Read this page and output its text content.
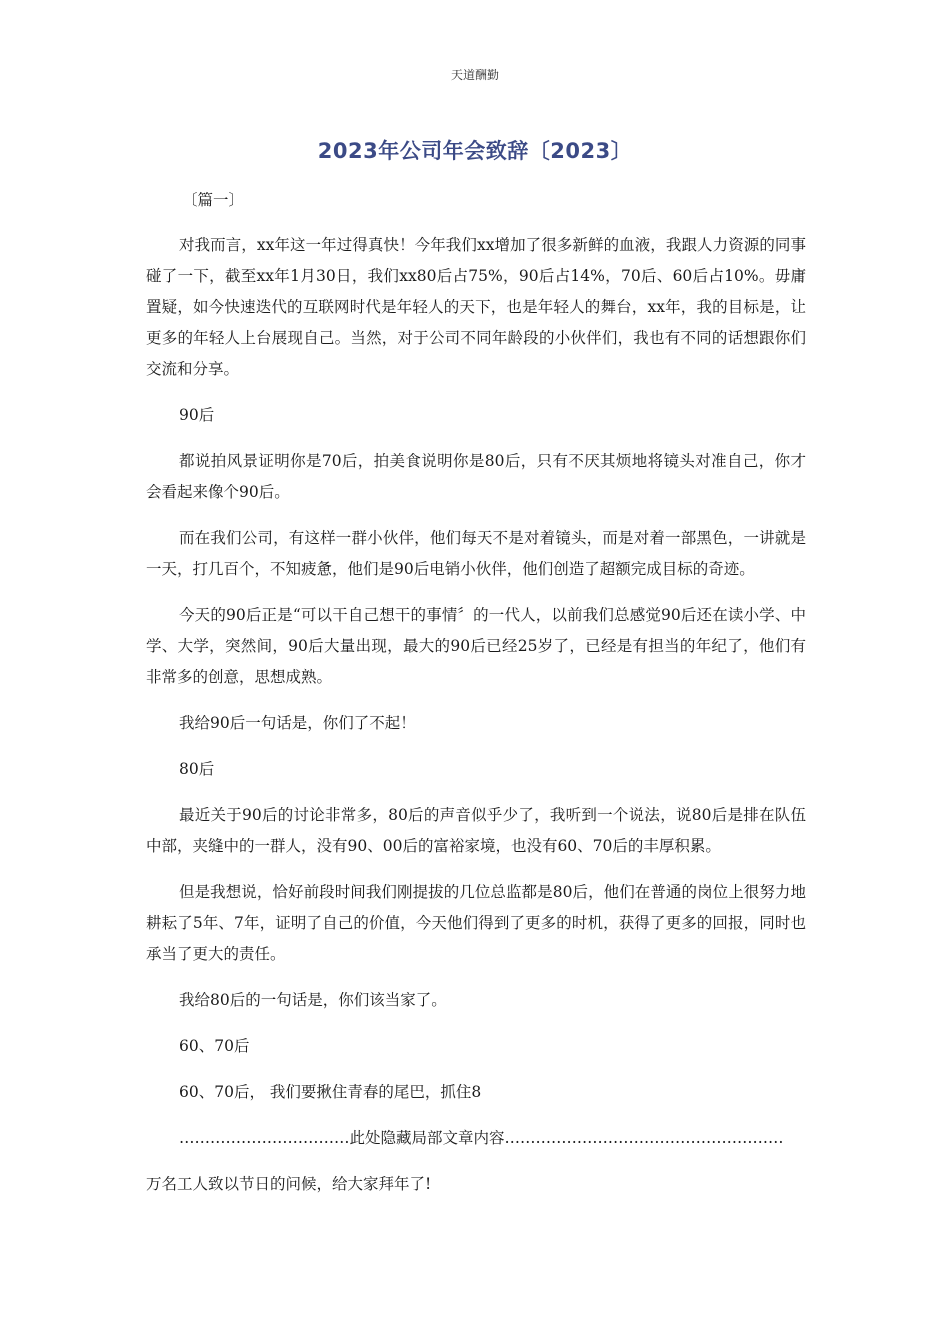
天道酬勤
2023年公司年会致辞〔2023〕

〔篇一〕

对我而言，xx年这一年过得真快！今年我们xx增加了很多新鲜的血液，我跟人力资源的同事碰了一下，截至xx年1月30日，我们xx80后占75%，90后占14%，70后、60后占10%。毋庸置疑，如今快速迭代的互联网时代是年轻人的天下，也是年轻人的舞台，xx年，我的目标是，让更多的年轻人上台展现自己。当然，对于公司不同年龄段的小伙伴们，我也有不同的话想跟你们交流和分享。

90后

都说拍风景证明你是70后，拍美食说明你是80后，只有不厌其烦地将镜头对准自己，你才会看起来像个90后。

而在我们公司，有这样一群小伙伴，他们每天不是对着镜头，而是对着一部黑色，一讲就是一天，打几百个，不知疲惫，他们是90后电销小伙伴，他们创造了超额完成目标的奇迹。

今天的90后正是“可以干自己想干的事情〞的一代人，以前我们总感觉90后还在读小学、中学、大学，突然间，90后大量出现，最大的90后已经25岁了，已经是有担当的年纪了，他们有非常多的创意，思想成熟。

我给90后一句话是，你们了不起！

80后

最近关于90后的讨论非常多，80后的声音似乎少了，我听到一个说法，说80后是排在队伍中部，夹缝中的一群人，没有90、00后的富裕家境，也没有60、70后的丰厚积累。

但是我想说，恰好前段时间我们刚提拔的几位总监都是80后，他们在普通的岗位上很努力地耕耘了5年、7年，证明了自己的价值，今天他们得到了更多的时机，获得了更多的回报，同时也承当了更大的责任。

我给80后的一句话是，你们该当家了。

60、70后

60、70后， 我们要揪住青春的尾巴，抓住8

……………………………此处隐藏局部文章内容………………………………………………

万名工人致以节日的问候，给大家拜年了!
